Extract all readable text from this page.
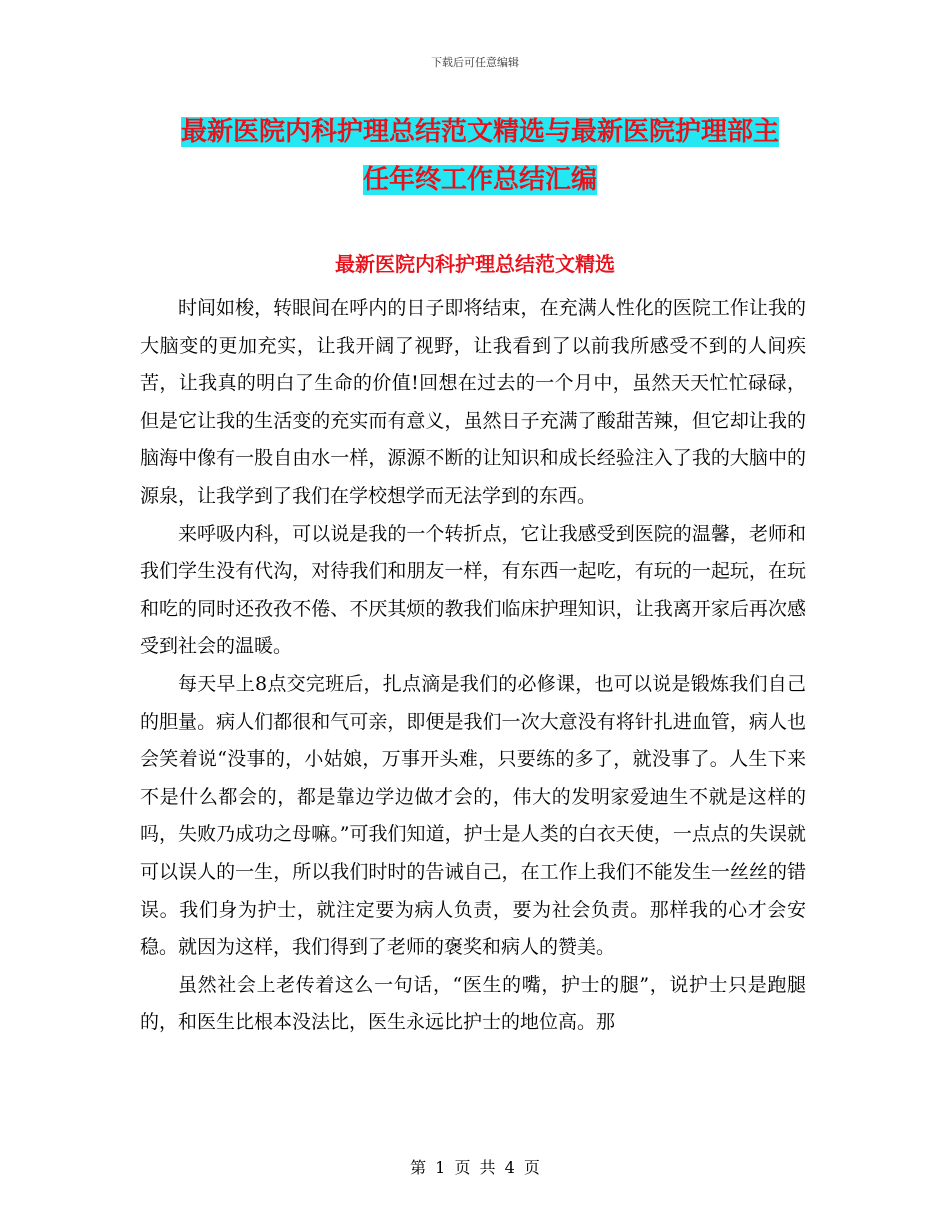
下载后可任意编辑
最新医院内科护理总结范文精选与最新医院护理部主
任年终工作总结汇编
最新医院内科护理总结范文精选

时间如梭，转眼间在呼内的日子即将结束，在充满人性化的医院工作让我的大脑变的更加充实，让我开阔了视野，让我看到了以前我所感受不到的人间疾苦，让我真的明白了生命的价值!回想在过去的一个月中，虽然天天忙忙碌碌，但是它让我的生活变的充实而有意义，虽然日子充满了酸甜苦辣，但它却让我的脑海中像有一股自由水一样，源源不断的让知识和成长经验注入了我的大脑中的源泉，让我学到了我们在学校想学而无法学到的东西。

来呼吸内科，可以说是我的一个转折点，它让我感受到医院的温馨，老师和我们学生没有代沟，对待我们和朋友一样，有东西一起吃，有玩的一起玩，在玩和吃的同时还孜孜不倦、不厌其烦的教我们临床护理知识，让我离开家后再次感受到社会的温暖。

每天早上8点交完班后，扎点滴是我们的必修课，也可以说是锻炼我们自己的胆量。病人们都很和气可亲，即便是我们一次大意没有将针扎进血管，病人也会笑着说“没事的，小姑娘，万事开头难，只要练的多了，就没事了。人生下来不是什么都会的，都是靠边学边做才会的，伟大的发明家爱迪生不就是这样的吗，失败乃成功之母嘛。”可我们知道，护士是人类的白衣天使，一点点的失误就可以误人的一生，所以我们时时的告诫自己，在工作上我们不能发生一丝丝的错误。我们身为护士，就注定要为病人负责，要为社会负责。那样我的心才会安稳。就因为这样，我们得到了老师的褒奖和病人的赞美。

虽然社会上老传着这么一句话，“医生的嘴，护士的腿”，说护士只是跑腿的，和医生比根本没法比，医生永远比护士的地位高。那

第 1 页 共 4 页
